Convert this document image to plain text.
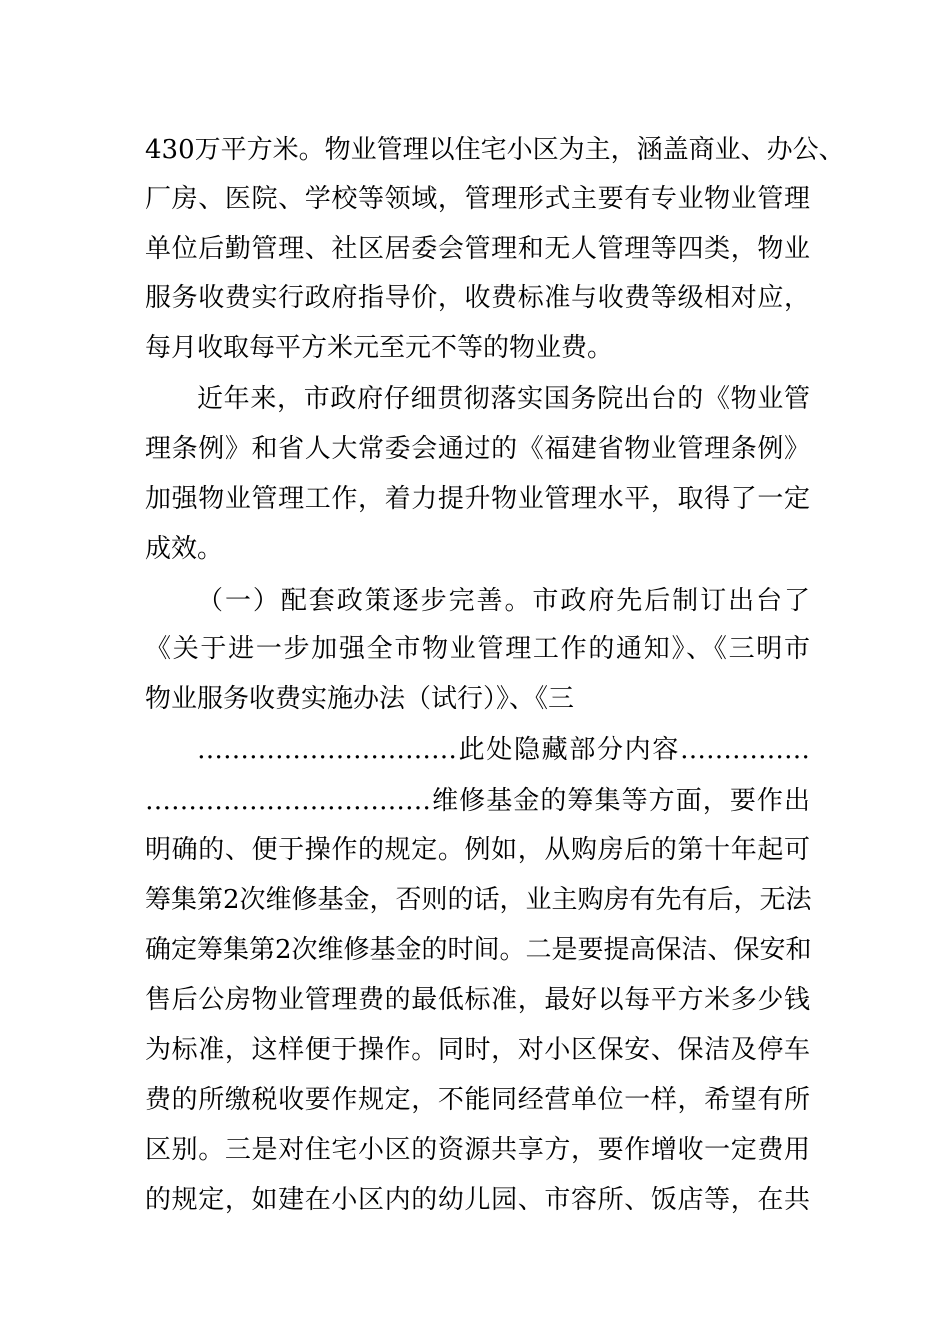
430万平方米。物业管理以住宅小区为主，涵盖商业、办公、
厂房、医院、学校等领域，管理形式主要有专业物业管理
单位后勤管理、社区居委会管理和无人管理等四类，物业
服务收费实行政府指导价，收费标准与收费等级相对应，
每月收取每平方米元至元不等的物业费。
近年来，市政府仔细贯彻落实国务院出台的《物业管
理条例》和省人大常委会通过的《福建省物业管理条例》
加强物业管理工作，着力提升物业管理水平，取得了一定
成效。
（一）配套政策逐步完善。市政府先后制订出台了
《关于进一步加强全市物业管理工作的通知》、《三明市
物业服务收费实施办法（试行）》、《三
…………………………此处隐藏部分内容……………
……………………………维修基金的筹集等方面，要作出
明确的、便于操作的规定。例如，从购房后的第十年起可
筹集第2次维修基金，否则的话，业主购房有先有后，无法
确定筹集第2次维修基金的时间。二是要提高保洁、保安和
售后公房物业管理费的最低标准，最好以每平方米多少钱
为标准，这样便于操作。同时，对小区保安、保洁及停车
费的所缴税收要作规定，不能同经营单位一样，希望有所
区别。三是对住宅小区的资源共享方，要作增收一定费用
的规定，如建在小区内的幼儿园、市容所、饭店等，在共
